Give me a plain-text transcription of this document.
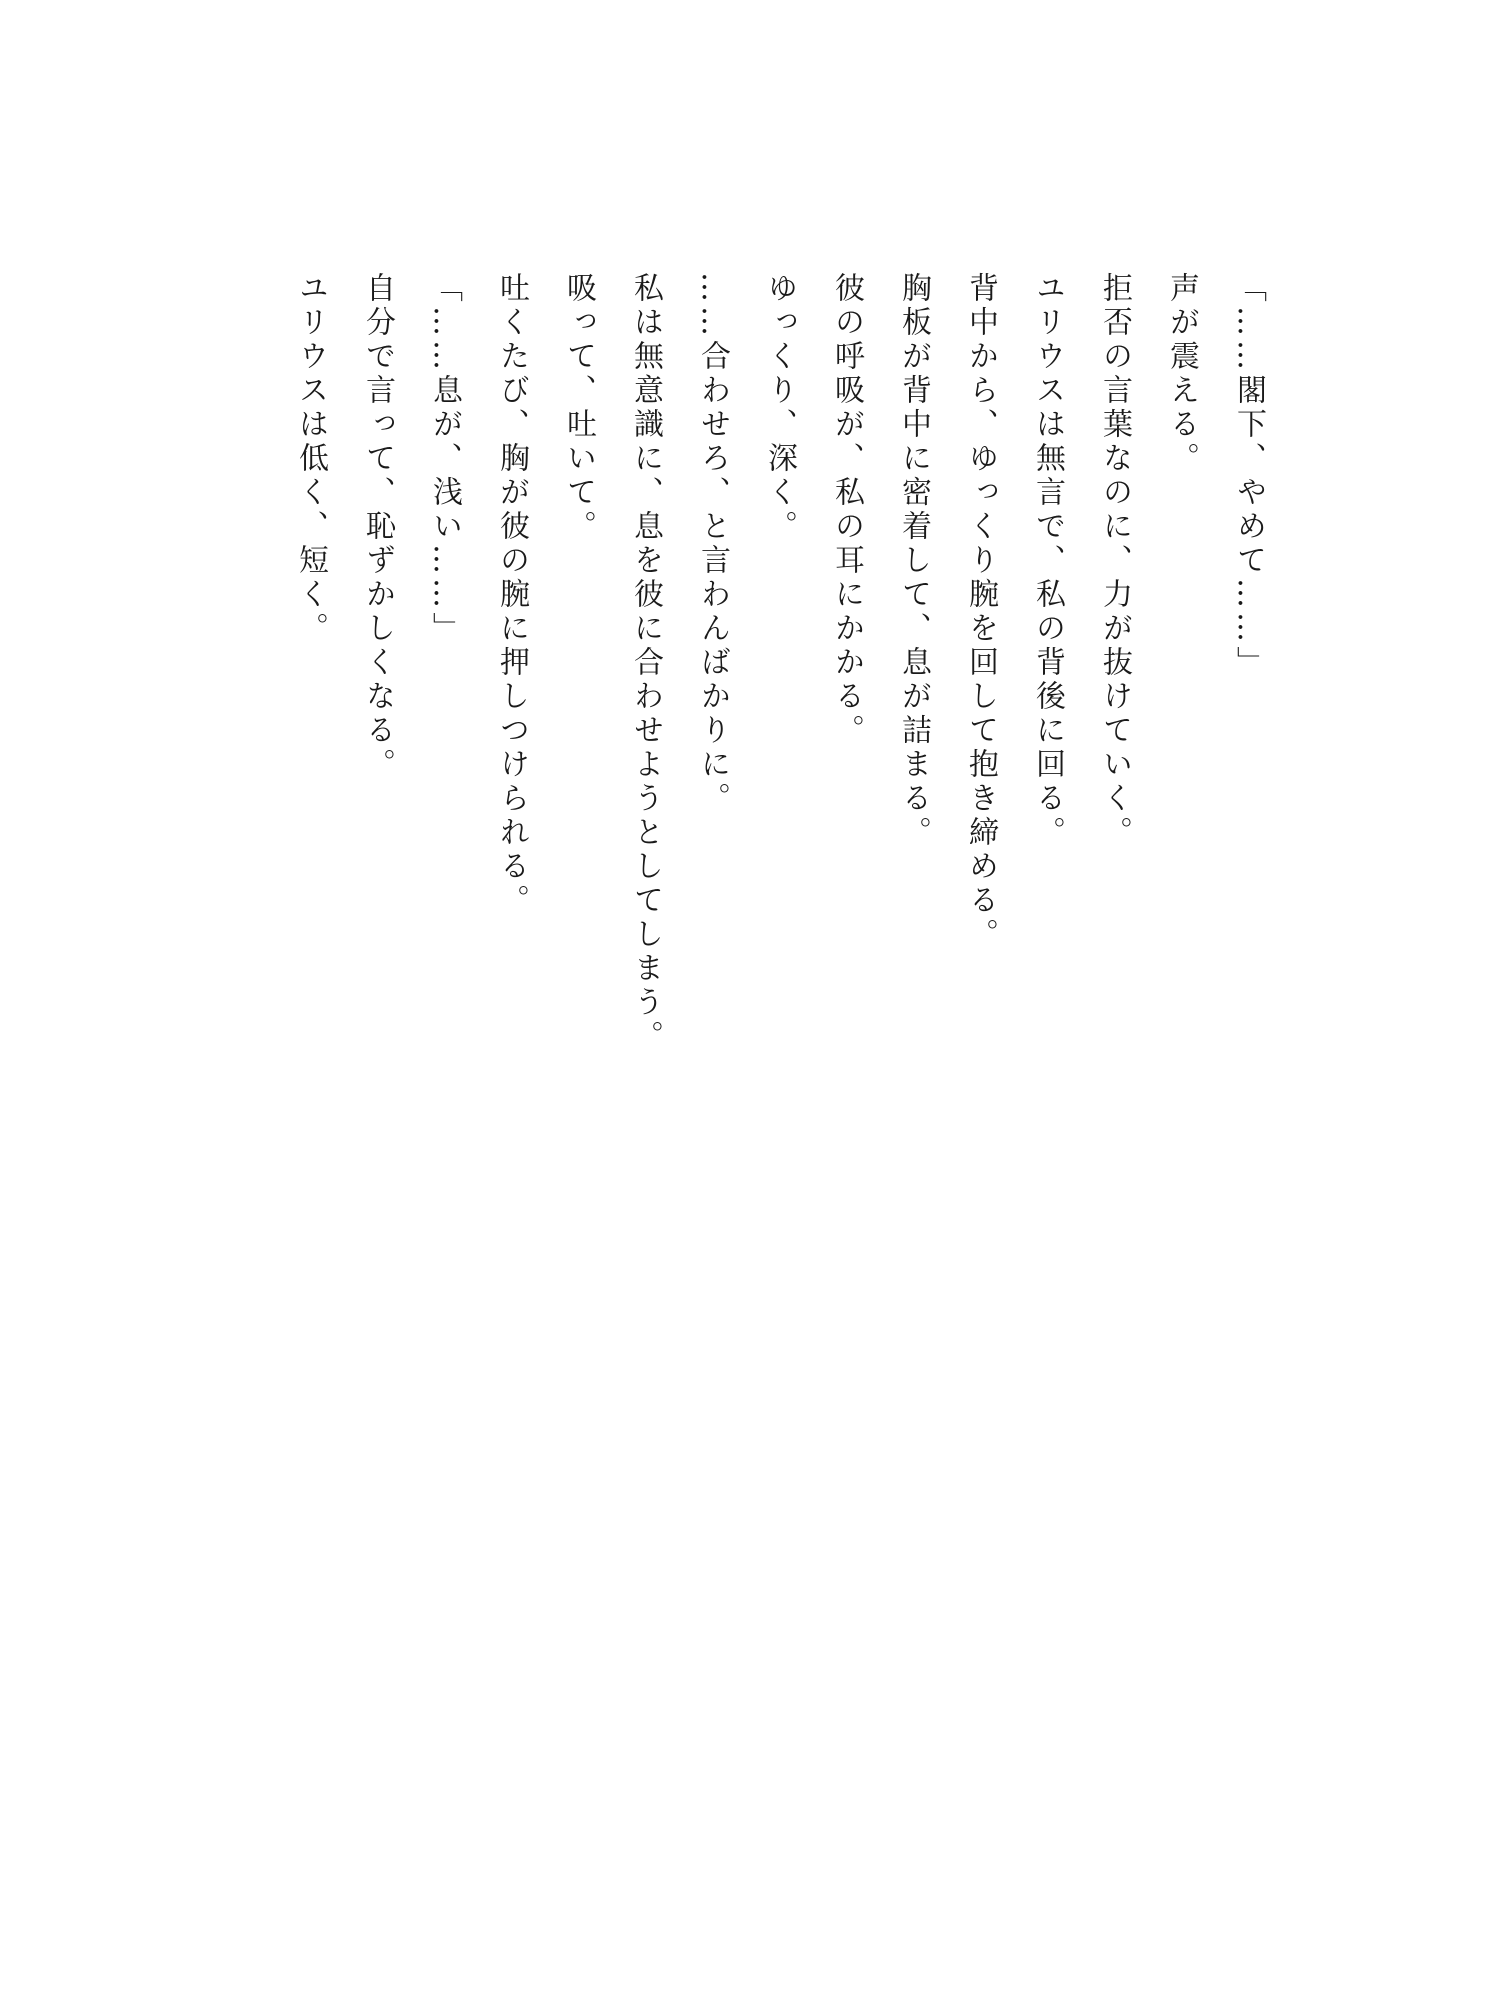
「……閣下、やめて……」

声が震える。

拒否の言葉なのに、力が抜けていく。

ユリウスは無言で、私の背後に回る。

背中から、ゆっくり腕を回して抱き締める。

胸板が背中に密着して、息が詰まる。

彼の呼吸が、私の耳にかかる。

ゆっくり、深く。

……合わせろ、と言わんばかりに。

私は無意識に、息を彼に合わせようとしてしまう。

吸って、吐いて。

吐くたび、胸が彼の腕に押しつけられる。

「……息が、浅い……」

自分で言って、恥ずかしくなる。

ユリウスは低く、短く。
